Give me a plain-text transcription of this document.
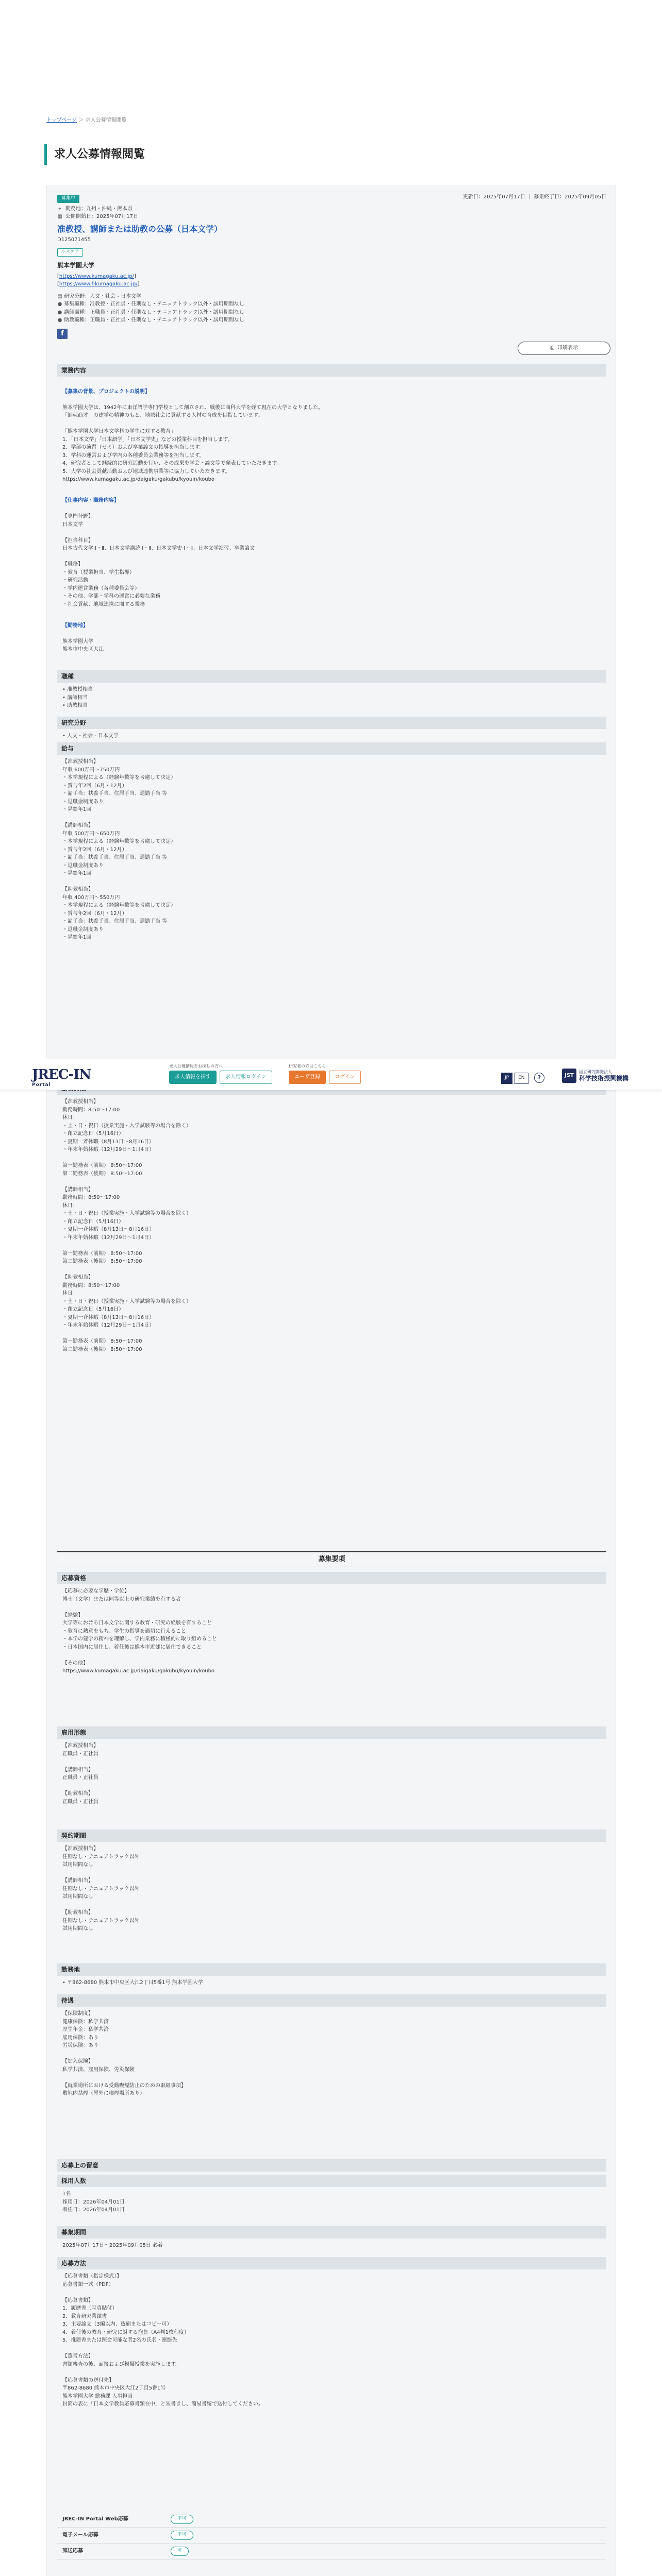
トップページ ＞ 求人公募情報閲覧
求人公募情報閲覧
更新日：2025年07月17日 ｜ 募集終了日：2025年09月05日
募集中
⌖ 勤務地：九州・沖縄・熊本県
▦ 公開開始日：2025年07月17日
准教授、講師または助教の公募（日本文学）
D125071455
ルスケア
熊本学園大学
[https://www.kumagaku.ac.jp/]
[https://www.f-kumagaku.ac.jp/]
▤ 研究分野：人文・社会 - 日本文学
● 募集職種：准教授・正社員・任期なし・テニュアトラック以外・試用期間なし
● 講師職種：正職員・正社員・任期なし・テニュアトラック以外・試用期間なし
● 助教職種：正職員・正社員・任期なし・テニュアトラック以外・試用期間なし
f
⎙ 印刷表示
業務内容

【募集の背景、プロジェクトの説明】

熊本学園大学は、1942年に東洋語学専門学校として創立され、戦後に商科大学を経て現在の大学となりました。
「師魂商才」の建学の精神のもと、地域社会に貢献する人材の育成を目指しています。

「熊本学園大学日本文学科の学生に対する教育」
1．「日本文学」「日本語学」「日本文学史」などの授業科目を担当します。
2．学部の演習（ゼミ）および卒業論文の指導を担当します。
3．学科の運営および学内の各種委員会業務等を担当します。
4．研究者として継続的に研究活動を行い、その成果を学会・論文等で発表していただきます。
5．大学の社会貢献活動および地域連携事業等に協力していただきます。
https://www.kumagaku.ac.jp/daigaku/gakubu/kyouin/koubo

【仕事内容・職務内容】

【専門分野】
日本文学

【担当科目】
日本古代文学 Ⅰ・Ⅱ、日本文学講読 Ⅰ・Ⅱ、日本文学史 Ⅰ・Ⅱ、日本文学演習、卒業論文

【職務】
・教育（授業担当、学生指導）
・研究活動
・学内運営業務（各種委員会等）
・その他、学部・学科の運営に必要な業務
・社会貢献、地域連携に関する業務

【勤務地】

熊本学園大学
熊本市中央区大江

職種
• 准教授相当
• 講師相当
• 助教相当
研究分野
• 人文・社会 - 日本文学
給与
【准教授相当】
年収 600万円～750万円
・本学規程による（経験年数等を考慮して決定）
・賞与年2回（6月・12月）
・諸手当：扶養手当、住居手当、通勤手当 等
・退職金制度あり
・昇給年1回

【講師相当】
年収 500万円～650万円
・本学規程による（経験年数等を考慮して決定）
・賞与年2回（6月・12月）
・諸手当：扶養手当、住居手当、通勤手当 等
・退職金制度あり
・昇給年1回

【助教相当】
年収 400万円～550万円
・本学規程による（経験年数等を考慮して決定）
・賞与年2回（6月・12月）
・諸手当：扶養手当、住居手当、通勤手当 等
・退職金制度あり
・昇給年1回
【准教授相当】
勤務時間：8:50～17:00
休日：
・土・日・祝日（授業実施・入学試験等の場合を除く）
・創立記念日（5月16日）
・夏期一斉休暇（8月13日～8月16日）
・年末年始休暇（12月29日～1月4日）

第一勤務表（前期） 8:50～17:00
第二勤務表（後期） 8:50～17:00

【講師相当】
勤務時間：8:50～17:00
休日：
・土・日・祝日（授業実施・入学試験等の場合を除く）
・創立記念日（5月16日）
・夏期一斉休暇（8月13日～8月16日）
・年末年始休暇（12月29日～1月4日）

第一勤務表（前期） 8:50～17:00
第二勤務表（後期） 8:50～17:00

【助教相当】
勤務時間：8:50～17:00
休日：
・土・日・祝日（授業実施・入学試験等の場合を除く）
・創立記念日（5月16日）
・夏期一斉休暇（8月13日～8月16日）
・年末年始休暇（12月29日～1月4日）

第一勤務表（前期） 8:50～17:00
第二勤務表（後期） 8:50～17:00
募集要項
応募資格
【応募に必要な学歴・学位】
博士（文学）または同等以上の研究業績を有する者

【経験】
大学等における日本文学に関する教育・研究の経験を有すること
・教育に熱意をもち、学生の指導を適切に行えること
・本学の建学の精神を理解し、学内業務に積極的に取り組めること
・日本国内に居住し、着任後は熊本市近郊に居住できること

【その他】
https://www.kumagaku.ac.jp/daigaku/gakubu/kyouin/koubo
雇用形態
【准教授相当】
正職員・正社員

【講師相当】
正職員・正社員

【助教相当】
正職員・正社員
契約期間
【准教授相当】
任期なし・テニュアトラック以外
試用期間なし

【講師相当】
任期なし・テニュアトラック以外
試用期間なし

【助教相当】
任期なし・テニュアトラック以外
試用期間なし
勤務地
• 〒862-8680 熊本市中央区大江2丁目5番1号 熊本学園大学
待遇
【保険制度】
健康保険：私学共済
厚生年金：私学共済
雇用保険：あり
労災保険：あり

【加入保険】
私学共済、雇用保険、労災保険

【就業場所における受動喫煙防止のための取組事項】
敷地内禁煙（屋外に喫煙場所あり）
応募上の留意
採用人数
1名
採用日：2026年04月01日
着任日：2026年04月01日
募集期間
2025年07月17日～2025年09月05日 必着
応募方法
【応募書類（指定様式）】
応募書類一式（PDF）

【応募書類】
1．履歴書（写真貼付）
2．教育研究業績書
3．主要論文（3編以内、抜刷またはコピー可）
4．着任後の教育・研究に対する抱負（A4判1枚程度）
5．推薦書または照会可能な者2名の氏名・連絡先

【選考方法】
書類審査の後、面接および模擬授業を実施します。

【応募書類の送付先】
〒862-8680 熊本市中央区大江2丁目5番1号
熊本学園大学 総務課 人事担当
封筒の表に「日本文学教員応募書類在中」と朱書きし、簡易書留で送付してください。
JREC-IN Portal Web応募	不可
電子メール応募	不可
郵送応募	可

JREC-IN
Portal
求人公募情報をお探しの方へ
求人情報を探す	求人情報ログイン
研究者の方はこちら
ユーザ登録	ログイン	JP	EN	?	JST
国立研究開発法人
科学技術振興機構
